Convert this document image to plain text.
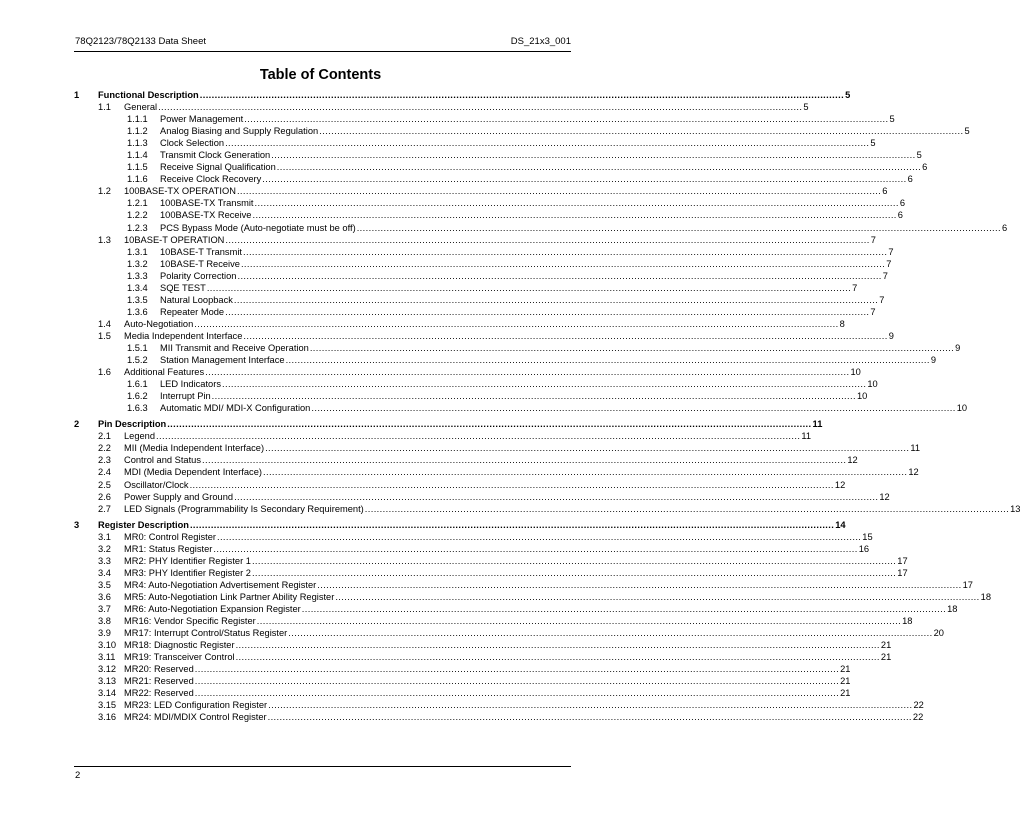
78Q2123/78Q2133 Data Sheet	DS_21x3_001
Table of Contents
1 Functional Description .....	5
1.1 General .....	5
1.1.1 Power Management .....	5
1.1.2 Analog Biasing and Supply Regulation .....	5
1.1.3 Clock Selection .....	5
1.1.4 Transmit Clock Generation .....	5
1.1.5 Receive Signal Qualification .....	6
1.1.6 Receive Clock Recovery .....	6
1.2 100BASE-TX OPERATION .....	6
1.2.1 100BASE-TX Transmit .....	6
1.2.2 100BASE-TX Receive .....	6
1.2.3 PCS Bypass Mode (Auto-negotiate must be off) .....	6
1.3 10BASE-T OPERATION .....	7
1.3.1 10BASE-T Transmit .....	7
1.3.2 10BASE-T Receive .....	7
1.3.3 Polarity Correction .....	7
1.3.4 SQE TEST .....	7
1.3.5 Natural Loopback .....	7
1.3.6 Repeater Mode .....	7
1.4 Auto-Negotiation .....	8
1.5 Media Independent Interface .....	9
1.5.1 MII Transmit and Receive Operation .....	9
1.5.2 Station Management Interface .....	9
1.6 Additional Features .....	10
1.6.1 LED Indicators .....	10
1.6.2 Interrupt Pin .....	10
1.6.3 Automatic MDI/ MDI-X Configuration .....	10
2 Pin Description .....	11
2.1 Legend .....	11
2.2 MII (Media Independent Interface) .....	11
2.3 Control and Status .....	12
2.4 MDI (Media Dependent Interface) .....	12
2.5 Oscillator/Clock .....	12
2.6 Power Supply and Ground .....	12
2.7 LED Signals (Programmability Is Secondary Requirement) .....	13
3 Register Description .....	14
3.1 MR0: Control Register .....	15
3.2 MR1: Status Register .....	16
3.3 MR2: PHY Identifier Register 1 .....	17
3.4 MR3: PHY Identifier Register 2 .....	17
3.5 MR4: Auto-Negotiation Advertisement Register .....	17
3.6 MR5: Auto-Negotiation Link Partner Ability Register .....	18
3.7 MR6: Auto-Negotiation Expansion Register .....	18
3.8 MR16: Vendor Specific Register .....	18
3.9 MR17: Interrupt Control/Status Register .....	20
3.10 MR18: Diagnostic Register .....	21
3.11 MR19: Transceiver Control .....	21
3.12 MR20: Reserved .....	21
3.13 MR21: Reserved .....	21
3.14 MR22: Reserved .....	21
3.15 MR23: LED Configuration Register .....	22
3.16 MR24: MDI/MDIX Control Register .....	22
2
